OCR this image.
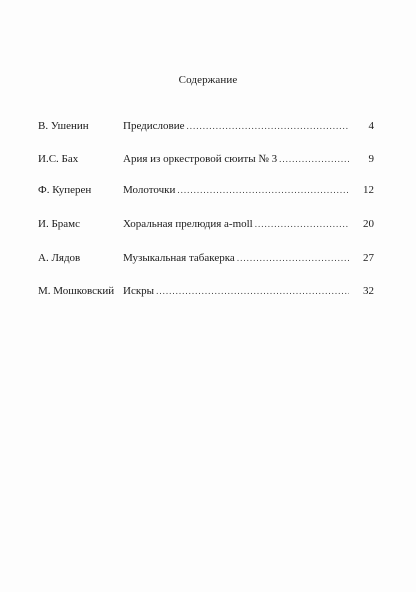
Содержание
В. Ушенин	Предисловие .....	4
И.С. Бах	Ария из оркестровой сюиты № 3 .....	9
Ф. Куперен	Молоточки .....	12
И. Брамс	Хоральная прелюдия a-moll .....	20
А. Лядов	Музыкальная табакерка .....	27
М. Мошковский Искры .....	32
